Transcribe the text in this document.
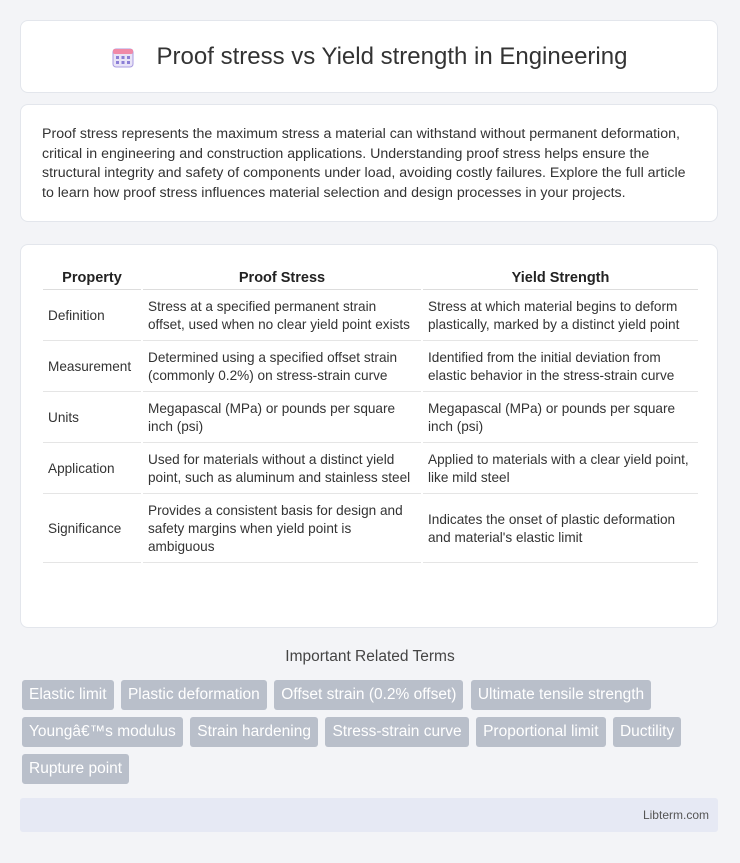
Proof stress vs Yield strength in Engineering

Proof stress represents the maximum stress a material can withstand without permanent deformation, critical in engineering and construction applications. Understanding proof stress helps ensure the structural integrity and safety of components under load, avoiding costly failures. Explore the full article to learn how proof stress influences material selection and design processes in your projects.

Property	Proof Stress	Yield Strength
Definition	Stress at a specified permanent strain offset, used when no clear yield point exists	Stress at which material begins to deform plastically, marked by a distinct yield point
Measurement	Determined using a specified offset strain (commonly 0.2%) on stress-strain curve	Identified from the initial deviation from elastic behavior in the stress-strain curve
Units	Megapascal (MPa) or pounds per square inch (psi)	Megapascal (MPa) or pounds per square inch (psi)
Application	Used for materials without a distinct yield point, such as aluminum and stainless steel	Applied to materials with a clear yield point, like mild steel
Significance	Provides a consistent basis for design and safety margins when yield point is ambiguous	Indicates the onset of plastic deformation and material's elastic limit
Important Related Terms
Elastic limit Plastic deformation Offset strain (0.2% offset) Ultimate tensile strength Youngâ€™s modulus Strain hardening Stress-strain curve Proportional limit Ductility Rupture point
Libterm.com
